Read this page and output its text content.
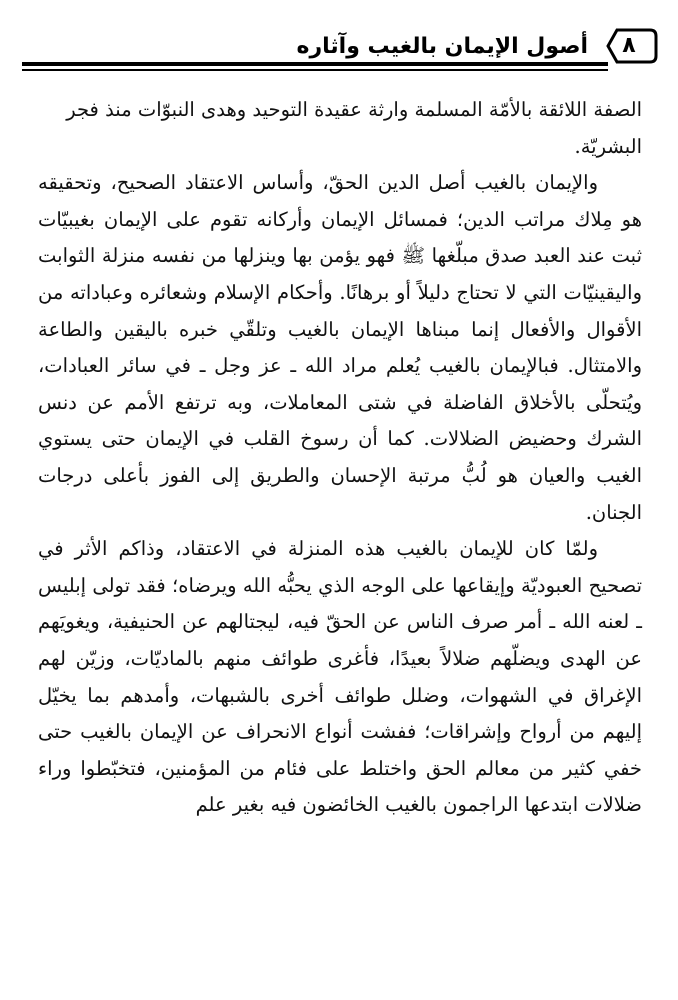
٨
أصول الإيمان بالغيب وآثاره

الصفة اللائقة بالأمّة المسلمة وارثة عقيدة التوحيد وهدى النبوّات منذ فجر البشريّة.

والإيمان بالغيب أصل الدين الحقّ، وأساس الاعتقاد الصحيح، وتحقيقه هو مِلاك مراتب الدين؛ فمسائل الإيمان وأركانه تقوم على الإيمان بغيبيّات ثبت عند العبد صدق مبلّغها ﷺ فهو يؤمن بها وينزلها من نفسه منزلة الثوابت واليقينيّات التي لا تحتاج دليلاً أو برهانًا. وأحكام الإسلام وشعائره وعباداته من الأقوال والأفعال إنما مبناها الإيمان بالغيب وتلقّي خبره باليقين والطاعة والامتثال. فبالإيمان بالغيب يُعلم مراد الله ـ عز وجل ـ في سائر العبادات، ويُتحلّى بالأخلاق الفاضلة في شتى المعاملات، وبه ترتفع الأمم عن دنس الشرك وحضيض الضلالات. كما أن رسوخ القلب في الإيمان حتى يستوي الغيب والعيان هو لُبُّ مرتبة الإحسان والطريق إلى الفوز بأعلى درجات الجنان.

ولمّا كان للإيمان بالغيب هذه المنزلة في الاعتقاد، وذاكم الأثر في تصحيح العبوديّة وإيقاعها على الوجه الذي يحبُّه الله ويرضاه؛ فقد تولى إبليس ـ لعنه الله ـ أمر صرف الناس عن الحقّ فيه، ليجتالهم عن الحنيفية، ويغويَهم عن الهدى ويضلّهم ضلالاً بعيدًا، فأغرى طوائف منهم بالماديّات، وزيّن لهم الإغراق في الشهوات، وضلل طوائف أخرى بالشبهات، وأمدهم بما يخيّل إليهم من أرواح وإشراقات؛ ففشت أنواع الانحراف عن الإيمان بالغيب حتى خفي كثير من معالم الحق واختلط على فئام من المؤمنين، فتخبّطوا وراء ضلالات ابتدعها الراجمون بالغيب الخائضون فيه بغير علم
